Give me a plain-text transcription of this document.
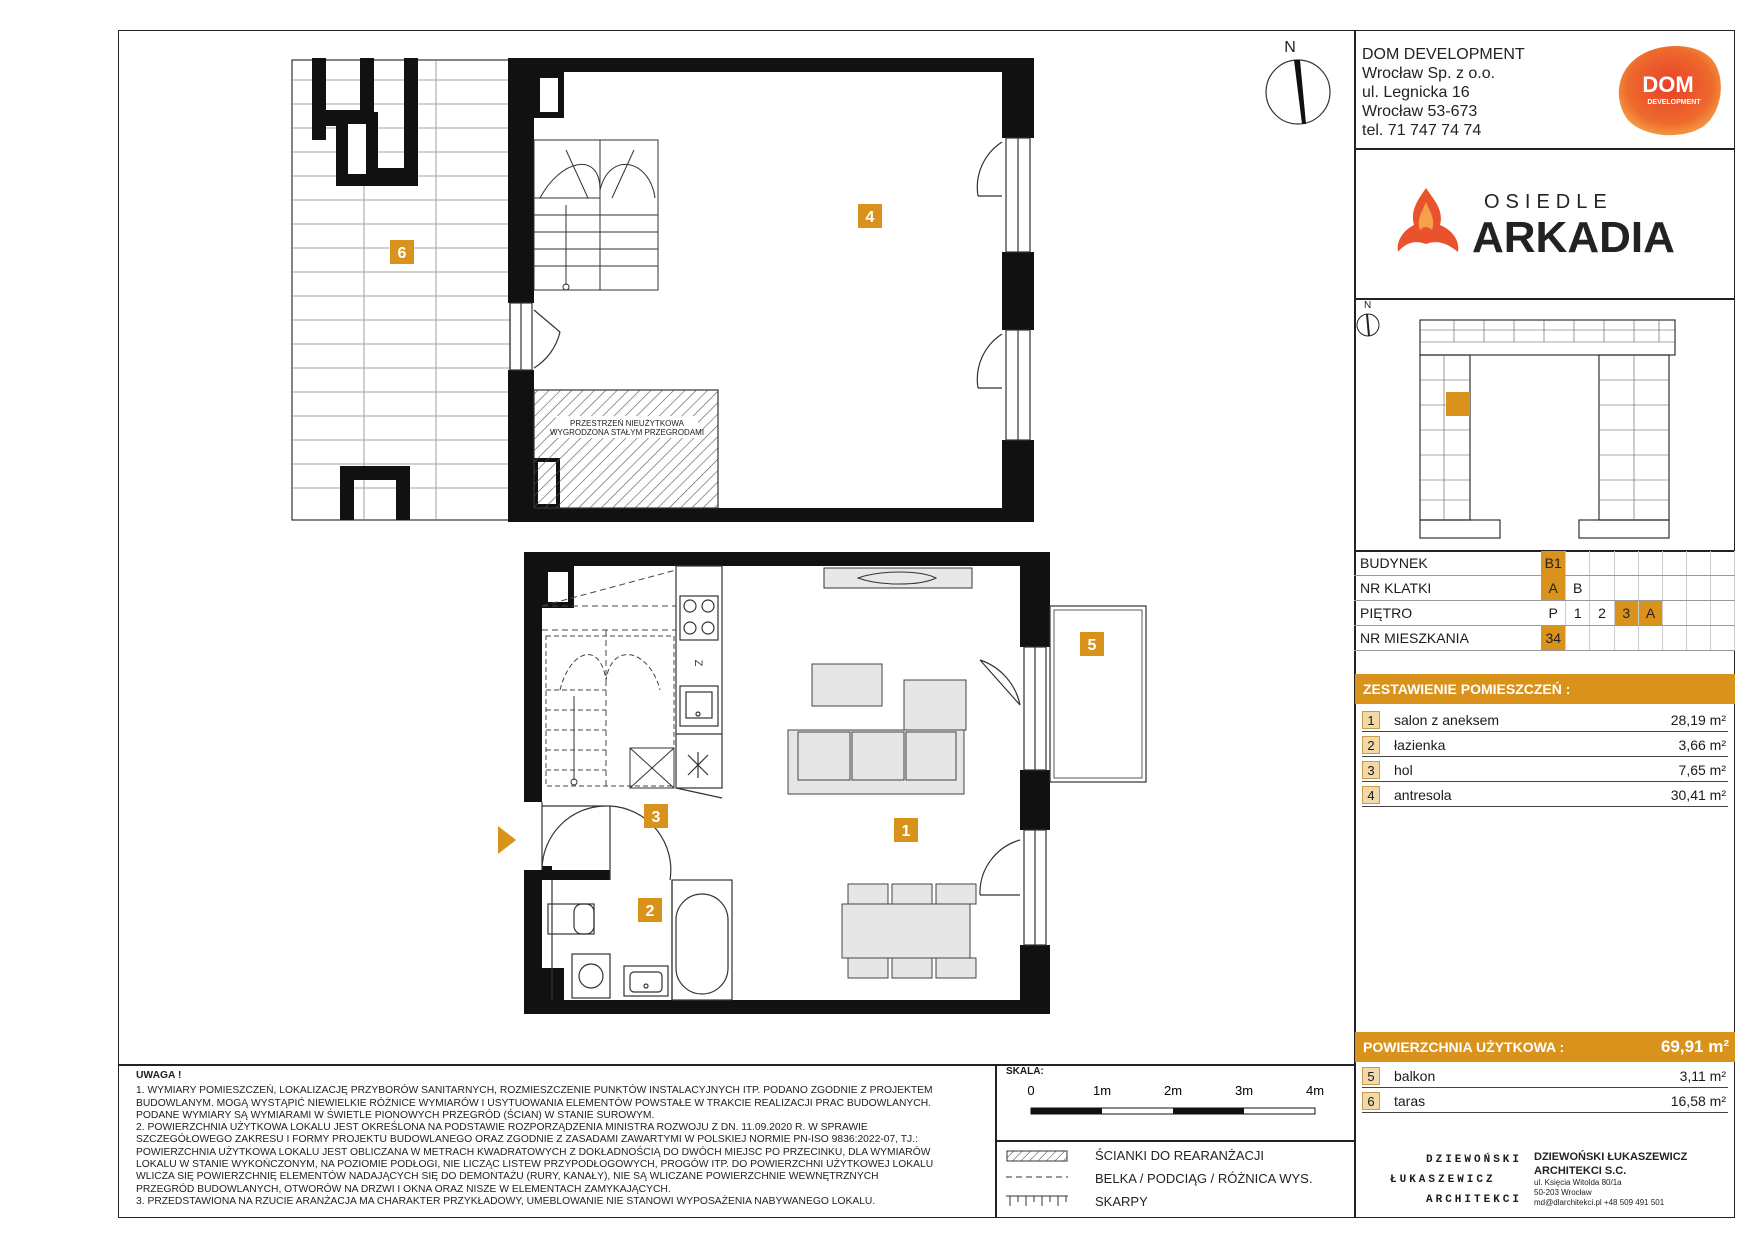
DOM DEVELOPMENT
Wrocław Sp. z o.o.
ul. Legnicka 16
Wrocław 53-673
tel. 71 747 74 74
DOM
DEVELOPMENT
OSIEDLE
ARKADIA
N
BUDYNEK	B1							
NR KLATKI	A	B						
PIĘTRO	P	1	2	3	A			
NR MIESZKANIA	34							
ZESTAWIENIE POMIESZCZEŃ :
1	salon z aneksem	28,19 m²
2	łazienka	3,66 m²
3	hol	7,65 m²
4	antresola	30,41 m²
POWIERZCHNIA UŻYTKOWA :	69,91 m²
5	balkon	3,11 m²
6	taras	16,58 m²
N
PRZESTRZEŃ NIEUŻYTKOWA
WYGRODZONA STAŁYM PRZEGRODAMI
Z
6
4
5
1
3
2
UWAGA !
1. WYMIARY POMIESZCZEŃ, LOKALIZACJĘ PRZYBORÓW SANITARNYCH, ROZMIESZCZENIE PUNKTÓW INSTALACYJNYCH ITP. PODANO ZGODNIE Z PROJEKTEM
BUDOWLANYM. MOGĄ WYSTĄPIĆ NIEWIELKIE RÓŻNICE WYMIARÓW I USYTUOWANIA ELEMENTÓW POWSTAŁE W TRAKCIE REALIZACJI PRAC BUDOWLANYCH.
PODANE WYMIARY SĄ WYMIARAMI W ŚWIETLE PIONOWYCH PRZEGRÓD (ŚCIAN) W STANIE SUROWYM.
2. POWIERZCHNIA UŻYTKOWA LOKALU JEST OKREŚLONA NA PODSTAWIE ROZPORZĄDZENIA MINISTRA ROZWOJU Z DN. 11.09.2020 R. W SPRAWIE
SZCZEGÓŁOWEGO ZAKRESU I FORMY PROJEKTU BUDOWLANEGO ORAZ ZGODNIE Z ZASADAMI ZAWARTYMI W POLSKIEJ NORMIE PN-ISO 9836:2022-07, TJ.:
POWIERZCHNIA UŻYTKOWA LOKALU JEST OBLICZANA W METRACH KWADRATOWYCH Z DOKŁADNOŚCIĄ DO DWÓCH MIEJSC PO PRZECINKU, DLA WYMIARÓW
LOKALU W STANIE WYKOŃCZONYM, NA POZIOMIE PODŁOGI, NIE LICZĄC LISTEW PRZYPODŁOGOWYCH, PROGÓW ITP. DO POWIERZCHNI UŻYTKOWEJ LOKALU
WLICZA SIĘ POWIERZCHNIĘ ELEMENTÓW NADAJĄCYCH SIĘ DO DEMONTAŻU (RURY, KANAŁY), NIE SĄ WLICZANE POWIERZCHNIE WEWNĘTRZNYCH
PRZEGRÓD BUDOWLANYCH, OTWORÓW NA DRZWI I OKNA ORAZ NISZE W ELEMENTACH ZAMYKAJĄCYCH.
3. PRZEDSTAWIONA NA RZUCIE ARANŻACJA MA CHARAKTER PRZYKŁADOWY, UMEBLOWANIE NIE STANOWI WYPOSAŻENIA NABYWANEGO LOKALU.
SKALA:
0	1m	2m	3m	4m
ŚCIANKI DO REARANŻACJI
BELKA / PODCIĄG / RÓŻNICA WYS.
SKARPY
DZIEWOŃSKI
ŁUKASZEWICZ
ARCHITEKCI
DZIEWOŃSKI ŁUKASZEWICZ
ARCHITEKCI S.C.
ul. Księcia Witolda 80/1a
50-203 Wrocław
md@dlarchitekci.pl +48 509 491 501
